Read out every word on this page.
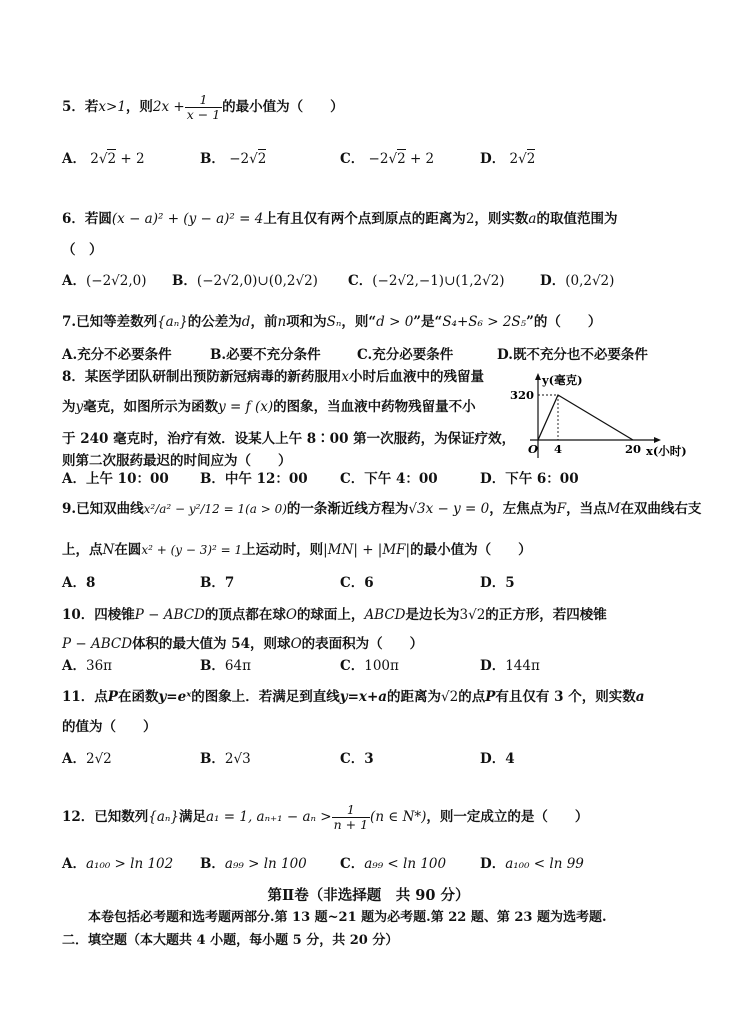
5．若x>1，则$2x + \frac{1}{x - 1}$ 的最小值为（　　）
A． 2√2 + 2	B． −2√2	C． −2√2 + 2	D． 2√2
6．若圆(x − a)² + (y − a)² = 4上有且仅有两个点到原点的距离为2，则实数a的取值范围为
（　）
A．(−2√2,0) B．(−2√2,0)∪(0,2√2) C．(−2√2,−1)∪(1,2√2)	D．(0,2√2)
7.已知等差数列{aₙ}的公差为d，前n项和为Sₙ，则“d > 0”是“S₄+S₆ > 2S₅”的（　　）
A.充分不必要条件	B.必要不充分条件	C.充分必要条件	D.既不充分也不必要条件
8．某医学团队研制出预防新冠病毒的新药服用x小时后血液中的残留量
为y毫克，如图所示为函数y = f (x)的图象，当血液中药物残留量不小
于 240 毫克时，治疗有效．设某人上午 8∶00 第一次服药，为保证疗效，
则第二次服药最迟的时间应为（　　）
y(毫克)
320
O 4	20 x(小时)
A．上午 10：00 B．中午 12：00 C．下午 4：00	D．下午 6：00
9.已知双曲线x²/a² − y²/12 = 1(a > 0)的一条渐近线方程为√3x − y = 0，左焦点为F，当点M在双曲线右支
上，点N在圆x² + (y − 3)² = 1上运动时，则|MN| + |MF|的最小值为（　　）
A．8	B．7	C．6	D．5
10．四棱锥P − ABCD的顶点都在球O的球面上，ABCD是边长为3√2的正方形，若四棱锥
P − ABCD体积的最大值为 54，则球O的表面积为（　　）
A．36π	B．64π	C．100π	D．144π
11．点P在函数y=eˣ的图象上．若满足到直线y=x+a的距离为√2的点P有且仅有 3 个，则实数a
的值为（　　）
A．2√2	B．2√3	C．3	D．4
12．已知数列{aₙ}满足a₁ = 1, $a_{n+1} - a_n > \frac{1}{n + 1} (n$ ∈ N*)，则一定成立的是（　　）
A．a₁₀₀ > ln 102 B．a₉₉ > ln 100 C．a₉₉ < ln 100	D．a₁₀₀ < ln 99
第Ⅱ卷（非选择题　共 90 分）
本卷包括必考题和选考题两部分.第 13 题~21 题为必考题.第 22 题、第 23 题为选考题.
二．填空题（本大题共 4 小题，每小题 5 分，共 20 分）
